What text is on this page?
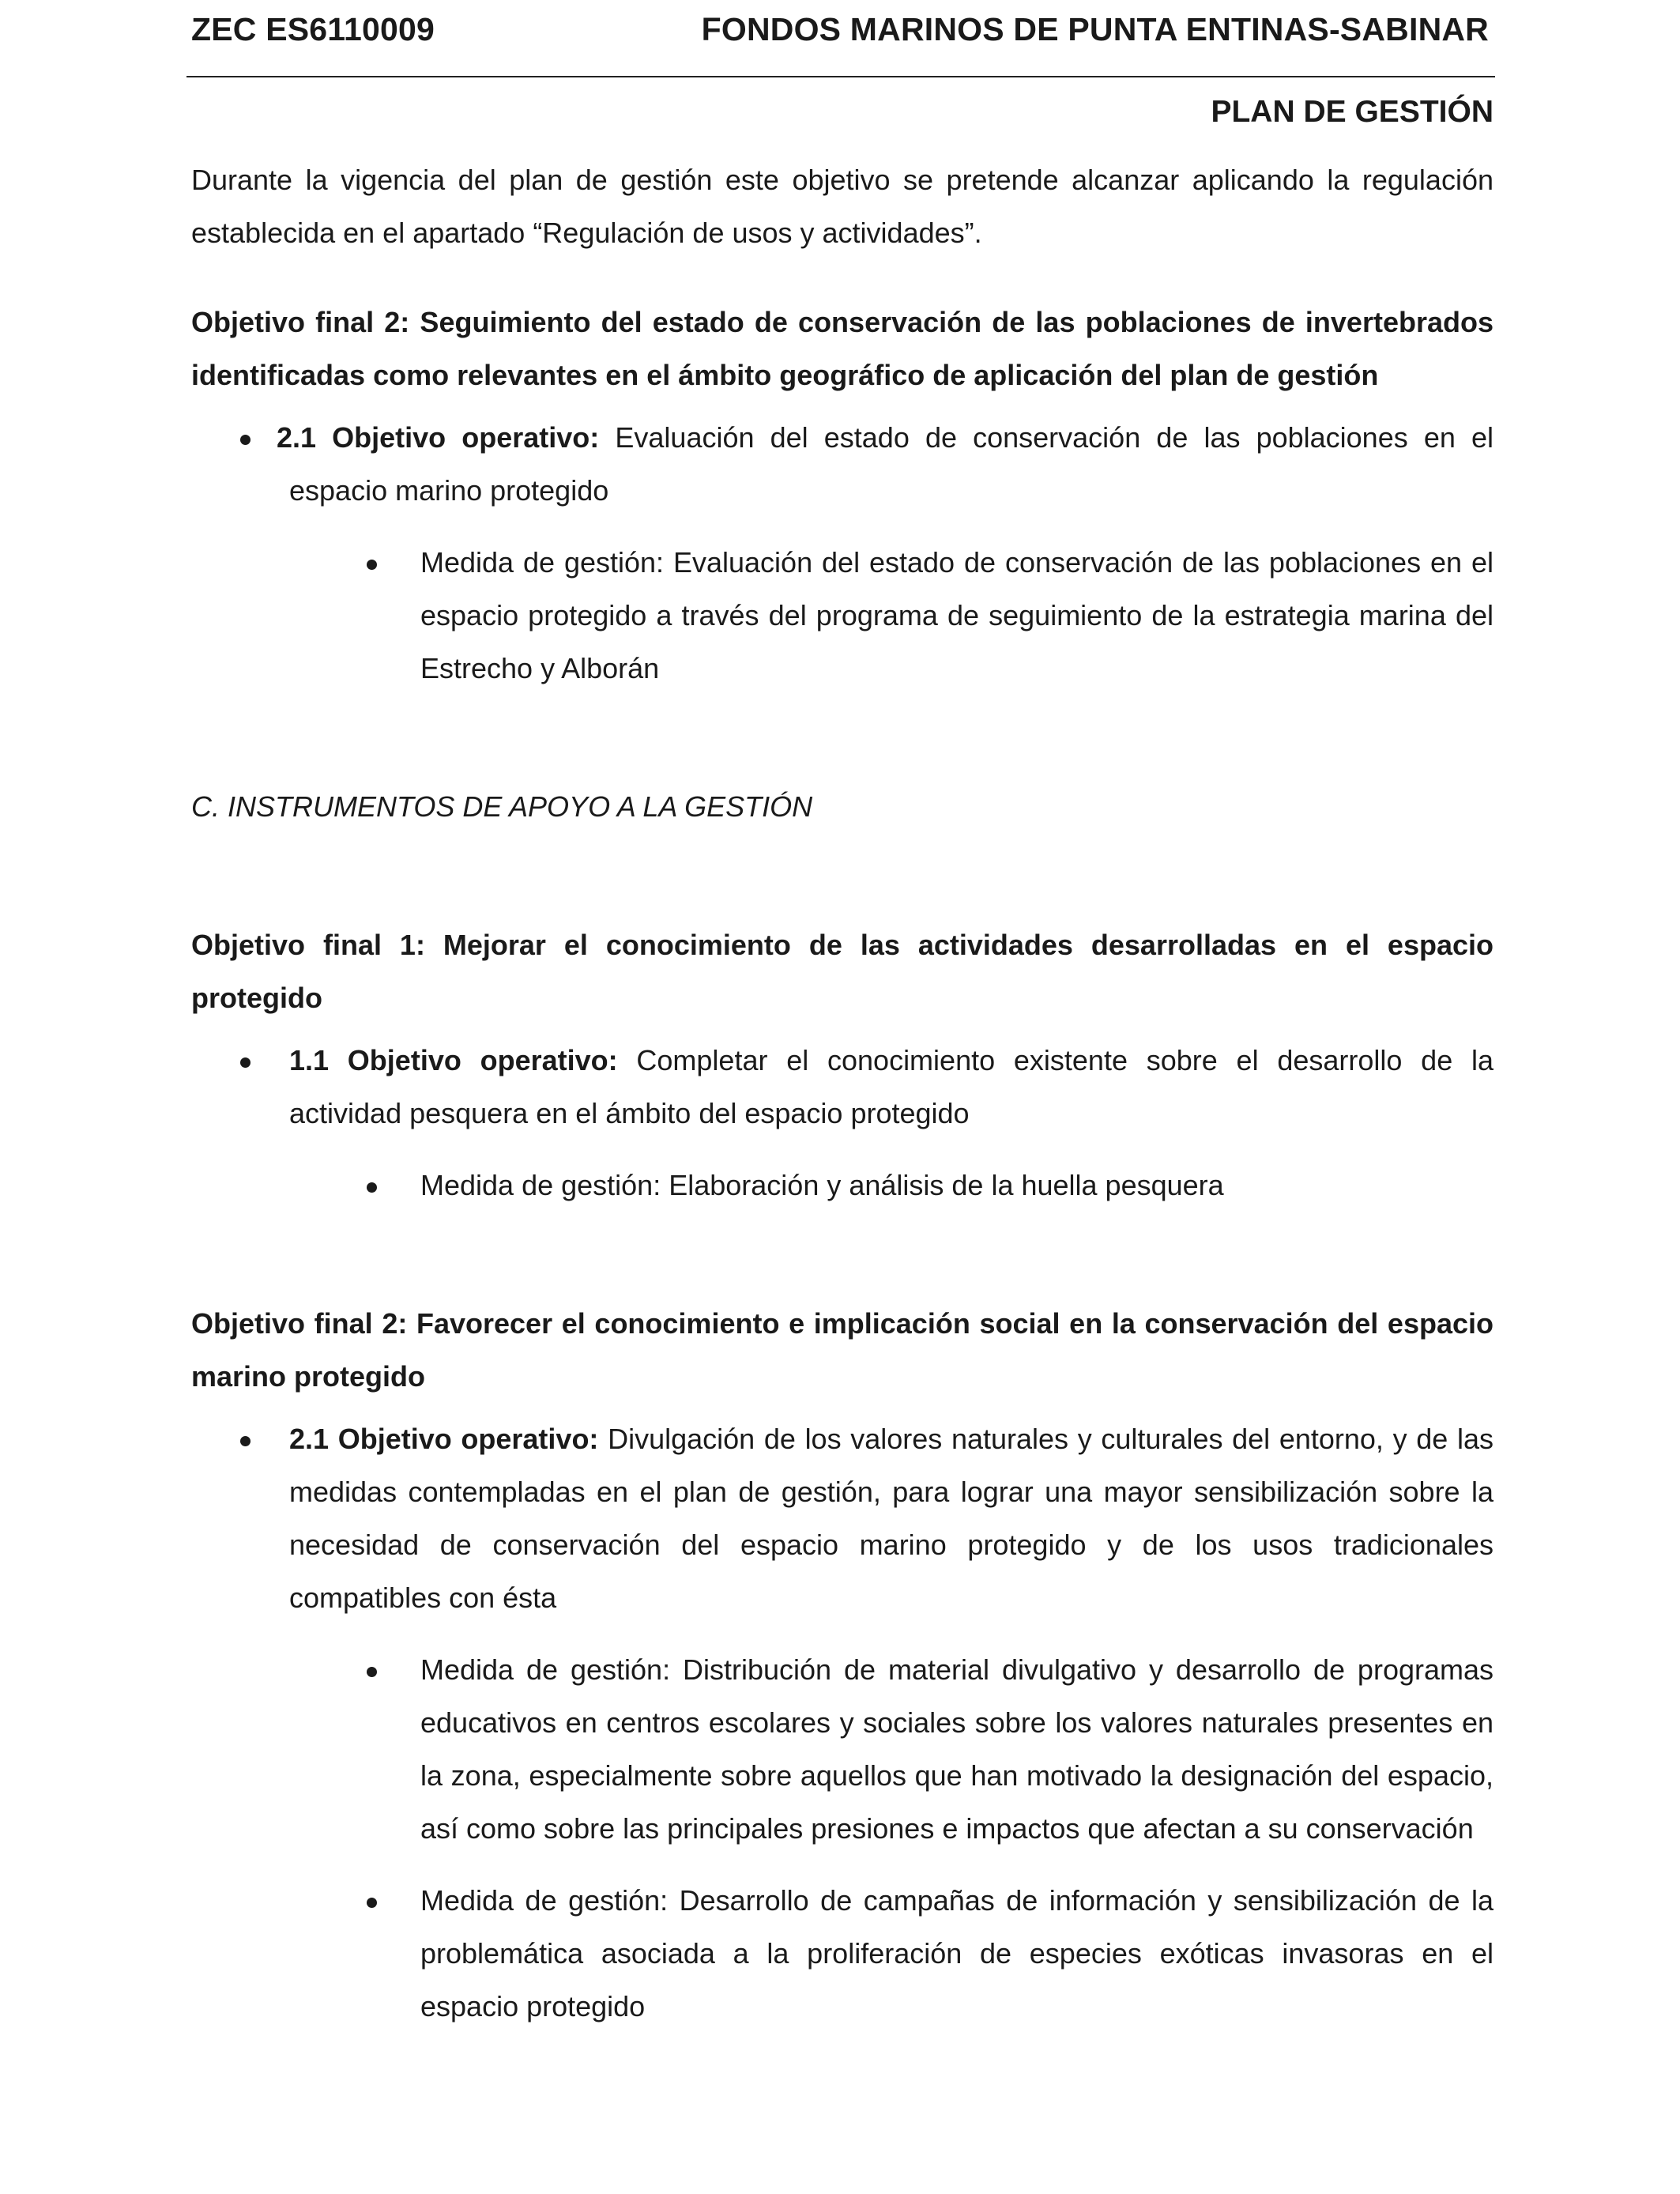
ZEC ES6110009	FONDOS MARINOS DE PUNTA ENTINAS-SABINAR
PLAN DE GESTIÓN

Durante la vigencia del plan de gestión este objetivo se pretende alcanzar aplicando la regulación establecida en el apartado “Regulación de usos y actividades”.

Objetivo final 2: Seguimiento del estado de conservación de las poblaciones de invertebrados identificadas como relevantes en el ámbito geográfico de aplicación del plan de gestión

2.1 Objetivo operativo: Evaluación del estado de conservación de las poblaciones en el espacio marino protegido

Medida de gestión: Evaluación del estado de conservación de las poblaciones en el espacio protegido a través del programa de seguimiento de la estrategia marina del Estrecho y Alborán

C. INSTRUMENTOS DE APOYO A LA GESTIÓN

Objetivo final 1: Mejorar el conocimiento de las actividades desarrolladas en el espacio protegido

1.1 Objetivo operativo: Completar el conocimiento existente sobre el desarrollo de la actividad pesquera en el ámbito del espacio protegido

Medida de gestión: Elaboración y análisis de la huella pesquera

Objetivo final 2: Favorecer el conocimiento e implicación social en la conservación del espacio marino protegido

2.1 Objetivo operativo: Divulgación de los valores naturales y culturales del entorno, y de las medidas contempladas en el plan de gestión, para lograr una mayor sensibilización sobre la necesidad de conservación del espacio marino protegido y de los usos tradicionales compatibles con ésta

Medida de gestión: Distribución de material divulgativo y desarrollo de programas educativos en centros escolares y sociales sobre los valores naturales presentes en la zona, especialmente sobre aquellos que han motivado la designación del espacio, así como sobre las principales presiones e impactos que afectan a su conservación

Medida de gestión: Desarrollo de campañas de información y sensibilización de la problemática asociada a la proliferación de especies exóticas invasoras en el espacio protegido
